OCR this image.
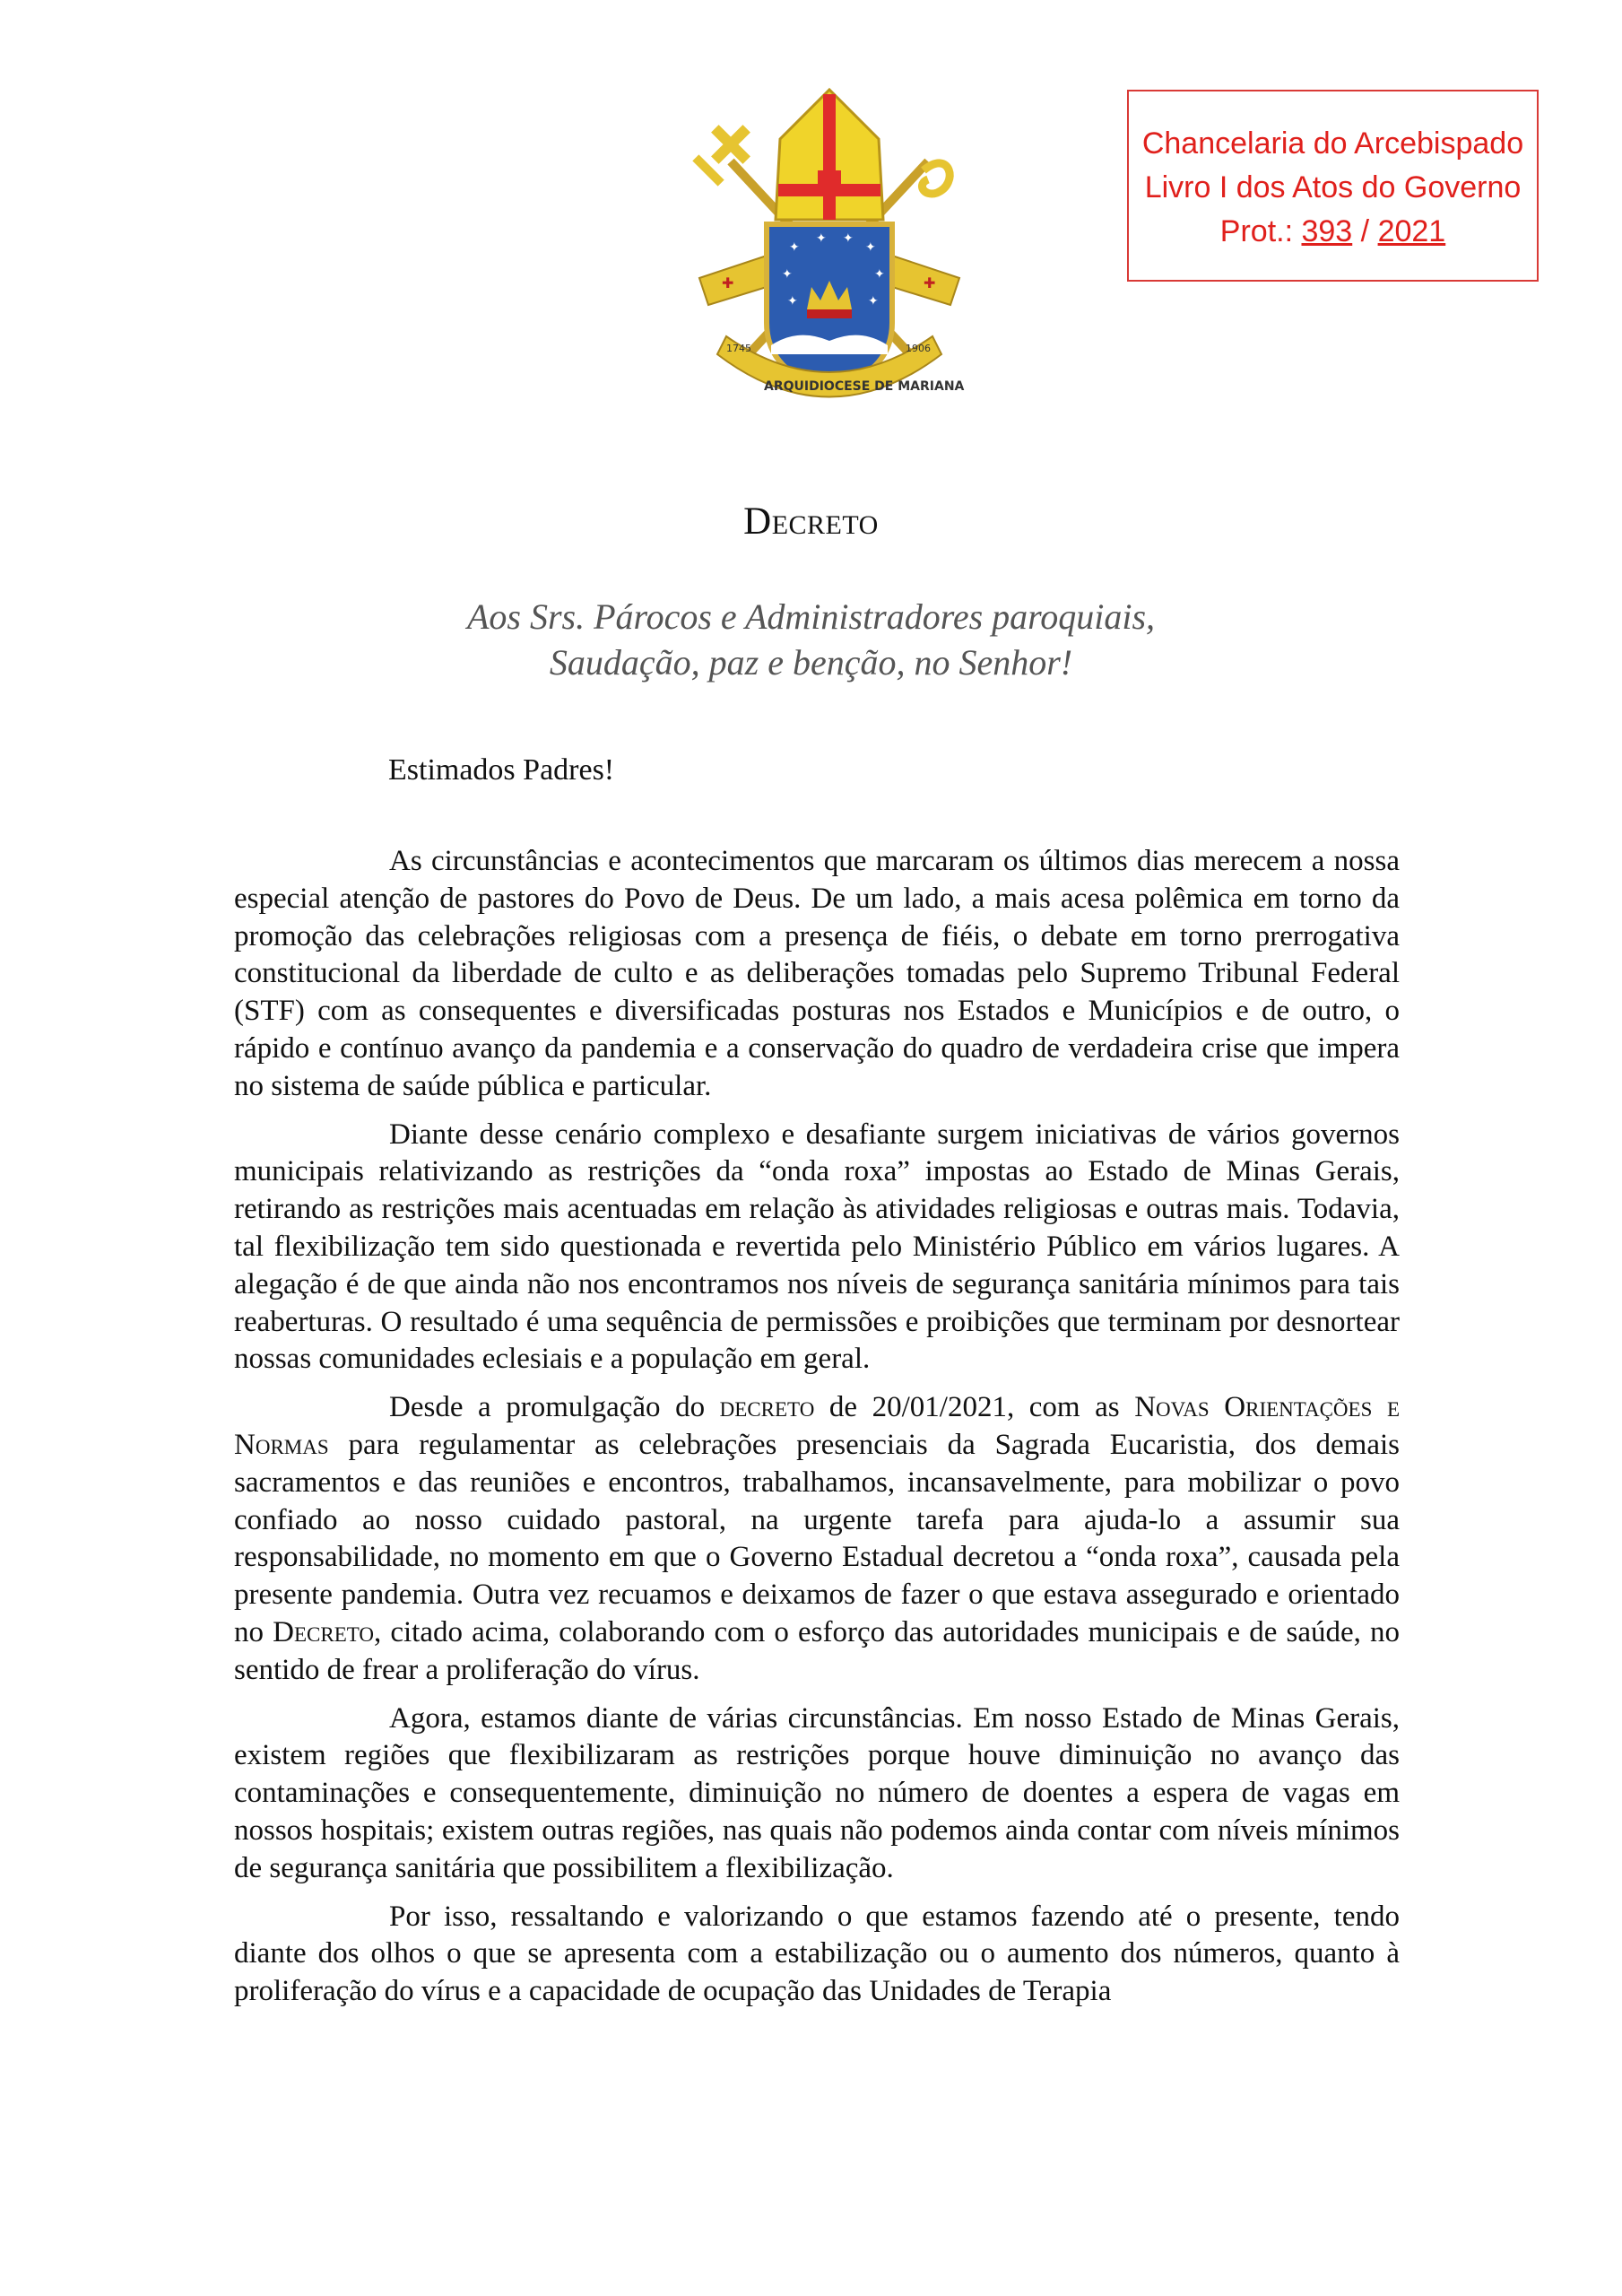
✚	✚
✦
✦ ✦
✦
✦	✦
✦	✦
1745	1906
ARQUIDIOCESE DE MARIANA
Chancelaria do Arcebispado
Livro I dos Atos do Governo
Prot.: 393 / 2021
Decreto
Aos Srs. Párocos e Administradores paroquiais,
Saudação, paz e benção, no Senhor!
Estimados Padres!

As circunstâncias e acontecimentos que marcaram os últimos dias merecem a nossa especial atenção de pastores do Povo de Deus. De um lado, a mais acesa polêmica em torno da promoção das celebrações religiosas com a presença de fiéis, o debate em torno prerrogativa constitucional da liberdade de culto e as deliberações tomadas pelo Supremo Tribunal Federal (STF) com as consequentes e diversificadas posturas nos Estados e Municípios e de outro, o rápido e contínuo avanço da pandemia e a conservação do quadro de verdadeira crise que impera no sistema de saúde pública e particular.

Diante desse cenário complexo e desafiante surgem iniciativas de vários governos municipais relativizando as restrições da “onda roxa” impostas ao Estado de Minas Gerais, retirando as restrições mais acentuadas em relação às atividades religiosas e outras mais. Todavia, tal flexibilização tem sido questionada e revertida pelo Ministério Público em vários lugares. A alegação é de que ainda não nos encontramos nos níveis de segurança sanitária mínimos para tais reaberturas. O resultado é uma sequência de permissões e proibições que terminam por desnortear nossas comunidades eclesiais e a população em geral.

Desde a promulgação do decreto de 20/01/2021, com as Novas Orientações e Normas para regulamentar as celebrações presenciais da Sagrada Eucaristia, dos demais sacramentos e das reuniões e encontros, trabalhamos, incansavelmente, para mobilizar o povo confiado ao nosso cuidado pastoral, na urgente tarefa para ajuda-lo a assumir sua responsabilidade, no momento em que o Governo Estadual decretou a “onda roxa”, causada pela presente pandemia. Outra vez recuamos e deixamos de fazer o que estava assegurado e orientado no Decreto, citado acima, colaborando com o esforço das autoridades municipais e de saúde, no sentido de frear a proliferação do vírus.

Agora, estamos diante de várias circunstâncias. Em nosso Estado de Minas Gerais, existem regiões que flexibilizaram as restrições porque houve diminuição no avanço das contaminações e consequentemente, diminuição no número de doentes a espera de vagas em nossos hospitais; existem outras regiões, nas quais não podemos ainda contar com níveis mínimos de segurança sanitária que possibilitem a flexibilização.

Por isso, ressaltando e valorizando o que estamos fazendo até o presente, tendo diante dos olhos o que se apresenta com a estabilização ou o aumento dos números, quanto à proliferação do vírus e a capacidade de ocupação das Unidades de Terapia
